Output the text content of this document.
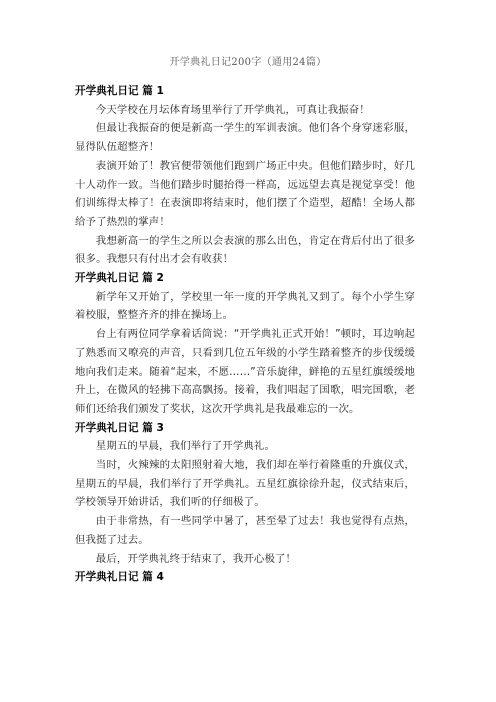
开学典礼日记200字（通用24篇）

开学典礼日记 篇 1

今天学校在月坛体育场里举行了开学典礼，可真让我振奋！

但最让我振奋的便是新高一学生的军训表演。他们各个身穿迷彩服，显得队伍超整齐！

表演开始了！教官便带领他们跑到广场正中央。但他们踏步时，好几十人动作一致。当他们踏步时腿抬得一样高，远远望去真是视觉享受！他们训练得太棒了！在表演即将结束时，他们摆了个造型，超酷！全场人都给予了热烈的掌声！

我想新高一的学生之所以会表演的那么出色，肯定在背后付出了很多很多。我想只有付出才会有收获！

开学典礼日记 篇 2

新学年又开始了，学校里一年一度的开学典礼又到了。每个小学生穿着校服，整整齐齐的排在操场上。

台上有两位同学拿着话筒说：“开学典礼正式开始！”顿时，耳边响起了熟悉而又嘹亮的声音，只看到几位五年级的小学生踏着整齐的步伐缓缓地向我们走来。随着“起来，不愿……”音乐旋律，鲜艳的五星红旗缓缓地升上，在微风的轻拂下高高飘扬。接着，我们唱起了国歌，唱完国歌，老师们还给我们颁发了奖状，这次开学典礼是我最难忘的一次。

开学典礼日记 篇 3

星期五的早晨，我们举行了开学典礼。

当时，火辣辣的太阳照射着大地，我们却在举行着隆重的升旗仪式，星期五的早晨，我们举行了开学典礼。五星红旗徐徐升起，仪式结束后，学校领导开始讲话，我们听的仔细极了。

由于非常热，有一些同学中暑了，甚至晕了过去！我也觉得有点热，但我挺了过去。

最后，开学典礼终于结束了，我开心极了！

开学典礼日记 篇 4
